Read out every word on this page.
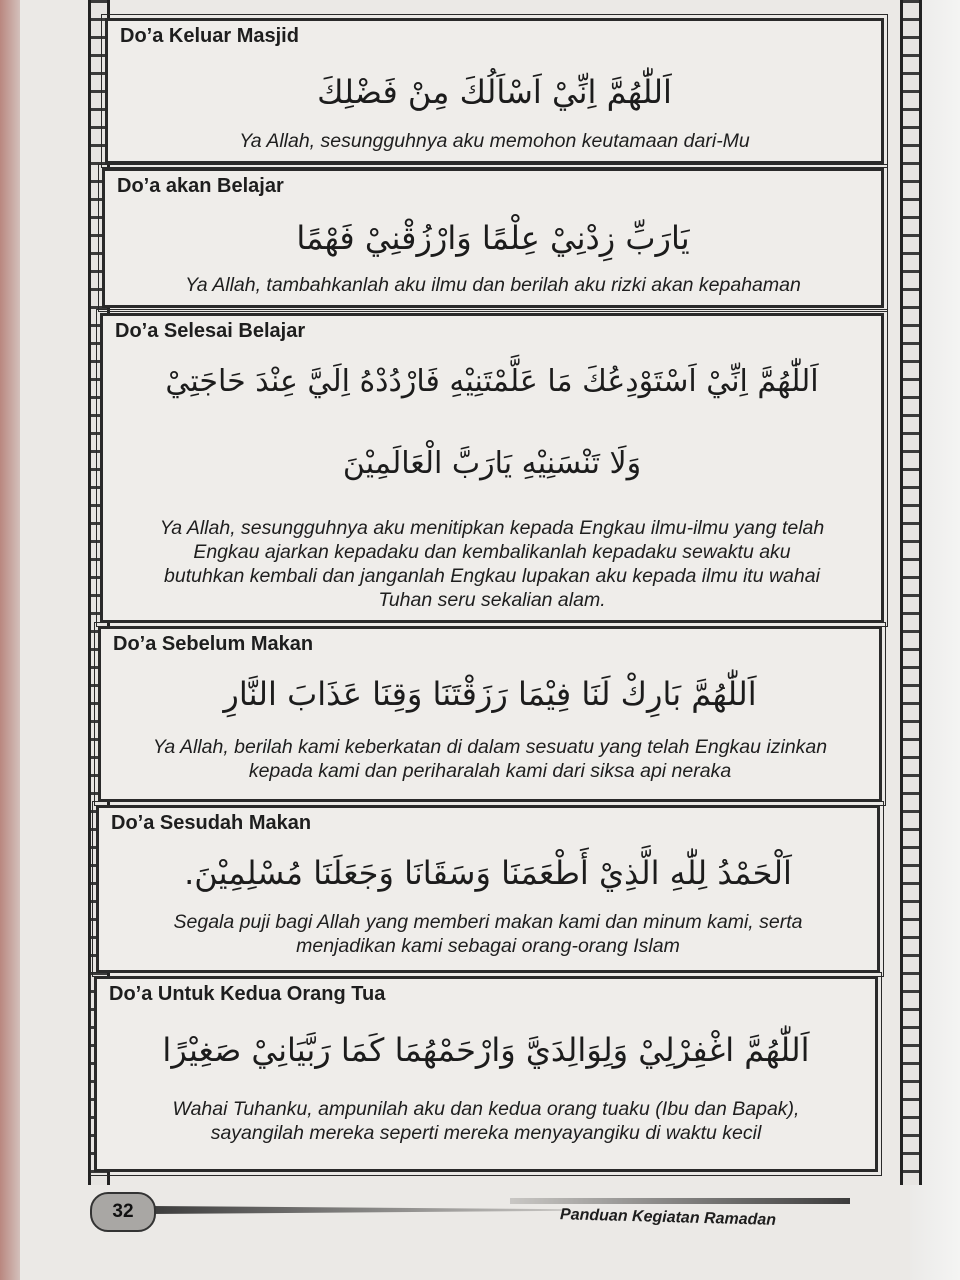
Do’a Keluar Masjid
اَللّٰهُمَّ اِنِّيْ اَسْاَلُكَ مِنْ فَضْلِكَ
Ya Allah, sesungguhnya aku memohon keutamaan dari-Mu
Do’a akan Belajar
يَارَبِّ زِدْنِيْ عِلْمًا وَارْزُقْنِيْ فَهْمًا
Ya Allah, tambahkanlah aku ilmu dan berilah aku rizki akan kepahaman
Do’a Selesai Belajar
اَللّٰهُمَّ اِنِّيْ اَسْتَوْدِعُكَ مَا عَلَّمْتَنِيْهِ فَارْدُدْهُ اِلَيَّ عِنْدَ حَاجَتِيْ
وَلَا تَنْسَنِيْهِ يَارَبَّ الْعَالَمِيْنَ
Ya Allah, sesungguhnya aku menitipkan kepada Engkau ilmu-ilmu yang telah
Engkau ajarkan kepadaku dan kembalikanlah kepadaku sewaktu aku
butuhkan kembali dan janganlah Engkau lupakan aku kepada ilmu itu wahai
Tuhan seru sekalian alam.
Do’a Sebelum Makan
اَللّٰهُمَّ بَارِكْ لَنَا فِيْمَا رَزَقْتَنَا وَقِنَا عَذَابَ النَّارِ
Ya Allah, berilah kami keberkatan di dalam sesuatu yang telah Engkau izinkan
kepada kami dan periharalah kami dari siksa api neraka
Do’a Sesudah Makan
اَلْحَمْدُ لِلّٰهِ الَّذِيْ أَطْعَمَنَا وَسَقَانَا وَجَعَلَنَا مُسْلِمِيْنَ.
Segala puji bagi Allah yang memberi makan kami dan minum kami, serta
menjadikan kami sebagai orang-orang Islam
Do’a Untuk Kedua Orang Tua
اَللّٰهُمَّ اغْفِرْلِيْ وَلِوَالِدَيَّ وَارْحَمْهُمَا كَمَا رَبَّيَانِيْ صَغِيْرًا
Wahai Tuhanku, ampunilah aku dan kedua orang tuaku (Ibu dan Bapak),
sayangilah mereka seperti mereka menyayangiku di waktu kecil
32	Panduan Kegiatan Ramadan
